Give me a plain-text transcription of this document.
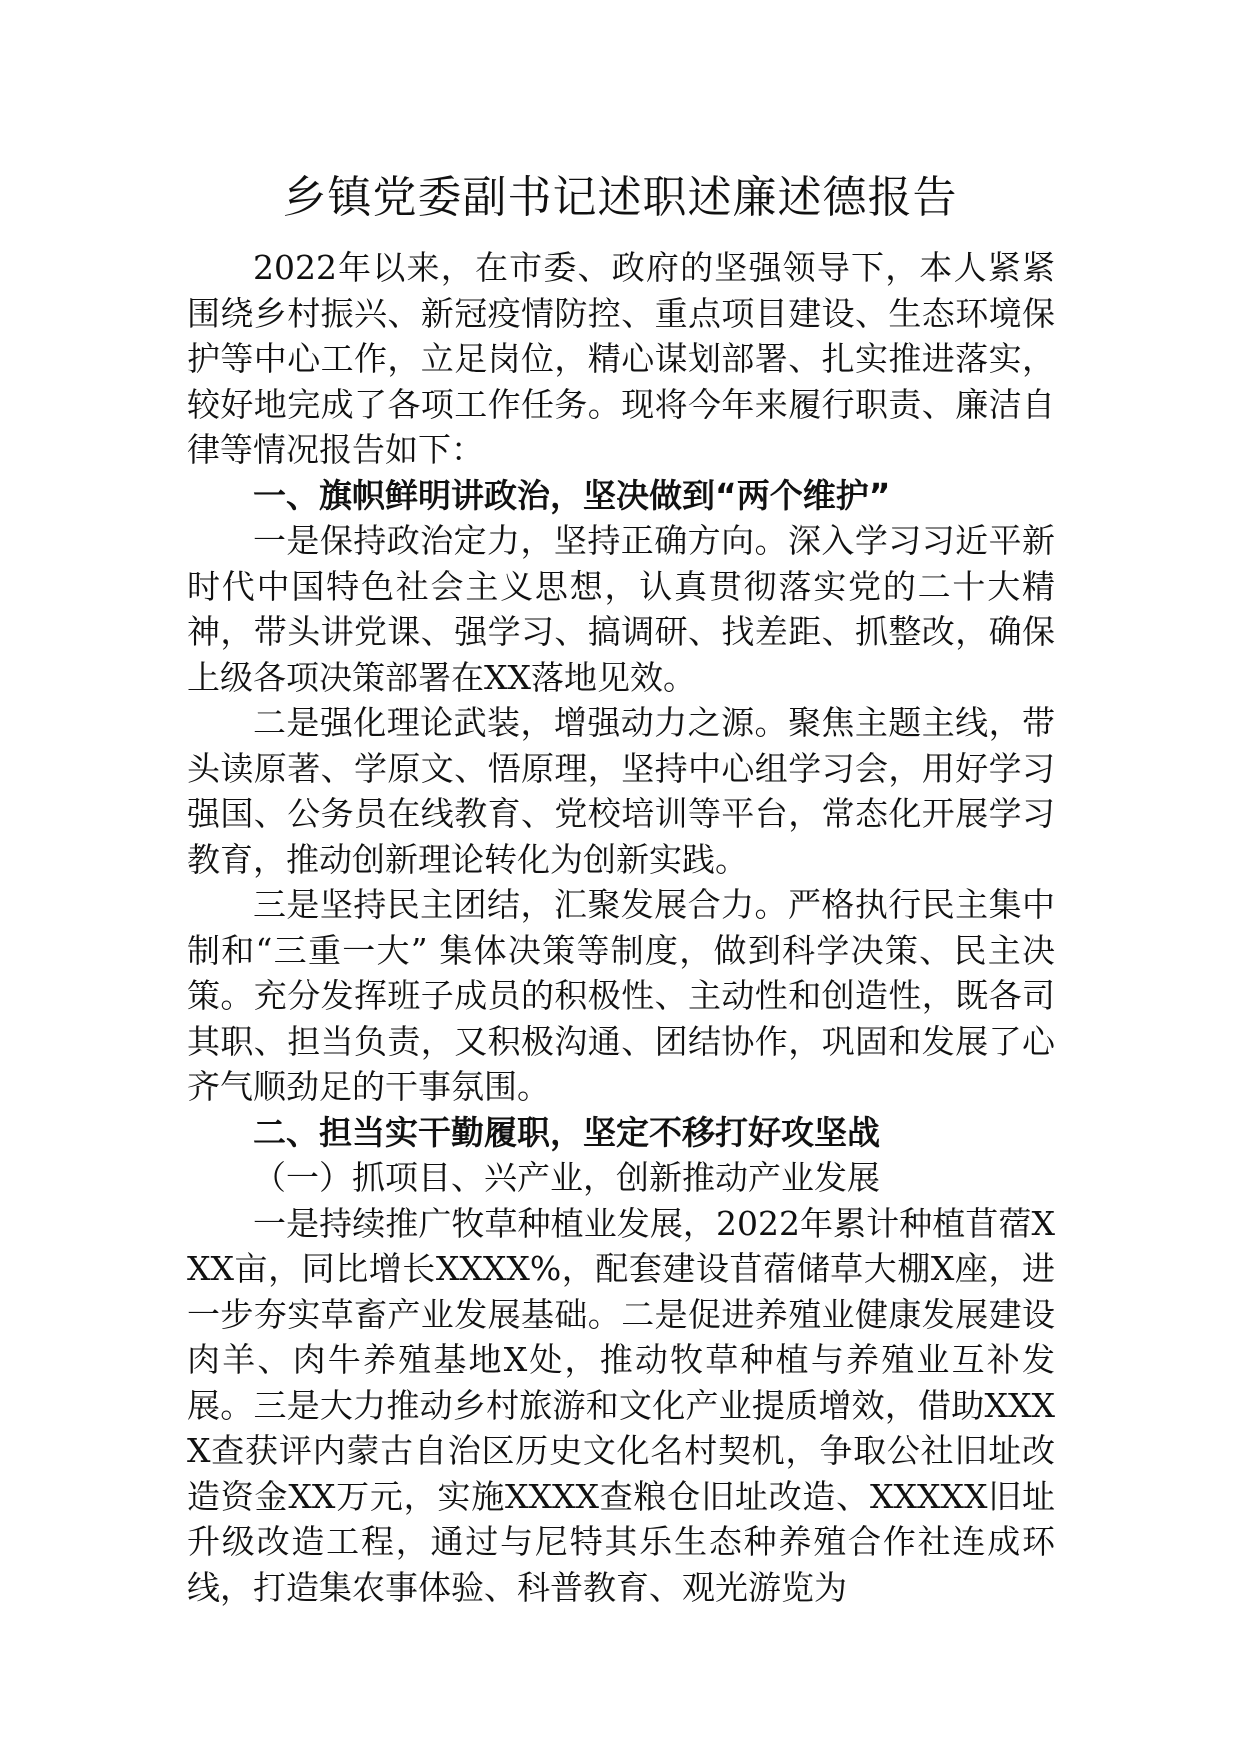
乡镇党委副书记述职述廉述德报告

2022年以来，在市委、政府的坚强领导下，本人紧紧围绕乡村振兴、新冠疫情防控、重点项目建设、生态环境保护等中心工作，立足岗位，精心谋划部署、扎实推进落实，较好地完成了各项工作任务。现将今年来履行职责、廉洁自律等情况报告如下：

一、旗帜鲜明讲政治，坚决做到“两个维护”

一是保持政治定力，坚持正确方向。深入学习习近平新时代中国特色社会主义思想，认真贯彻落实党的二十大精神，带头讲党课、强学习、搞调研、找差距、抓整改，确保上级各项决策部署在XX落地见效。

二是强化理论武装，增强动力之源。聚焦主题主线，带头读原著、学原文、悟原理，坚持中心组学习会，用好学习强国、公务员在线教育、党校培训等平台，常态化开展学习教育，推动创新理论转化为创新实践。

三是坚持民主团结，汇聚发展合力。严格执行民主集中制和“三重一大” 集体决策等制度，做到科学决策、民主决策。充分发挥班子成员的积极性、主动性和创造性，既各司其职、担当负责，又积极沟通、团结协作，巩固和发展了心齐气顺劲足的干事氛围。

二、担当实干勤履职，坚定不移打好攻坚战

（一）抓项目、兴产业，创新推动产业发展

一是持续推广牧草种植业发展，2022年累计种植苜蓿XXX亩，同比增长XXXX%，配套建设苜蓿储草大棚X座，进一步夯实草畜产业发展基础。二是促进养殖业健康发展建设肉羊、肉牛养殖基地X处，推动牧草种植与养殖业互补发展。三是大力推动乡村旅游和文化产业提质增效，借助XXXX查获评内蒙古自治区历史文化名村契机，争取公社旧址改造资金XX万元，实施XXXX查粮仓旧址改造、XXXXX旧址升级改造工程，通过与尼特其乐生态种养殖合作社连成环线，打造集农事体验、科普教育、观光游览为
